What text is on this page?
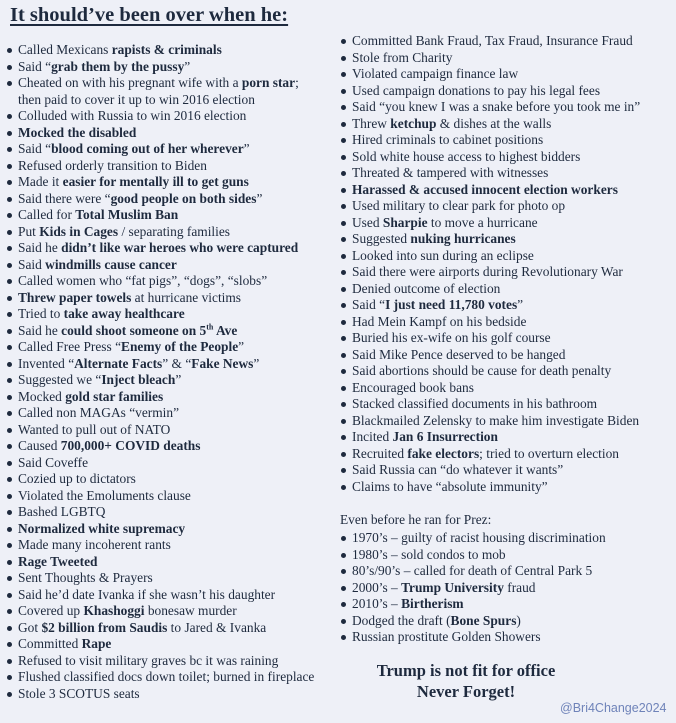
It should’ve been over when he:
Called Mexicans rapists & criminals
Said “grab them by the pussy”
Cheated on with his pregnant wife with a porn star;
then paid to cover it up to win 2016 election
Colluded with Russia to win 2016 election
Mocked the disabled
Said “blood coming out of her wherever”
Refused orderly transition to Biden
Made it easier for mentally ill to get guns
Said there were “good people on both sides”
Called for Total Muslim Ban
Put Kids in Cages / separating families
Said he didn’t like war heroes who were captured
Said windmills cause cancer
Called women who “fat pigs”, “dogs”, “slobs”
Threw paper towels at hurricane victims
Tried to take away healthcare
Said he could shoot someone on 5th Ave
Called Free Press “Enemy of the People”
Invented “Alternate Facts” & “Fake News”
Suggested we “Inject bleach”
Mocked gold star families
Called non MAGAs “vermin”
Wanted to pull out of NATO
Caused 700,000+ COVID deaths
Said Coveffe
Cozied up to dictators
Violated the Emoluments clause
Bashed LGBTQ
Normalized white supremacy
Made many incoherent rants
Rage Tweeted
Sent Thoughts & Prayers
Said he’d date Ivanka if she wasn’t his daughter
Covered up Khashoggi bonesaw murder
Got $2 billion from Saudis to Jared & Ivanka
Committed Rape
Refused to visit military graves bc it was raining
Flushed classified docs down toilet; burned in fireplace
Stole 3 SCOTUS seats
Committed Bank Fraud, Tax Fraud, Insurance Fraud
Stole from Charity
Violated campaign finance law
Used campaign donations to pay his legal fees
Said “you knew I was a snake before you took me in”
Threw ketchup & dishes at the walls
Hired criminals to cabinet positions
Sold white house access to highest bidders
Threated & tampered with witnesses
Harassed & accused innocent election workers
Used military to clear park for photo op
Used Sharpie to move a hurricane
Suggested nuking hurricanes
Looked into sun during an eclipse
Said there were airports during Revolutionary War
Denied outcome of election
Said “I just need 11,780 votes”
Had Mein Kampf on his bedside
Buried his ex-wife on his golf course
Said Mike Pence deserved to be hanged
Said abortions should be cause for death penalty
Encouraged book bans
Stacked classified documents in his bathroom
Blackmailed Zelensky to make him investigate Biden
Incited Jan 6 Insurrection
Recruited fake electors; tried to overturn election
Said Russia can “do whatever it wants”
Claims to have “absolute immunity”

Even before he ran for Prez:

1970’s – guilty of racist housing discrimination
1980’s – sold condos to mob
80’s/90’s – called for death of Central Park 5
2000’s – Trump University fraud
2010’s – Birtherism
Dodged the draft (Bone Spurs)
Russian prostitute Golden Showers
Trump is not fit for office
Never Forget!
@Bri4Change2024
